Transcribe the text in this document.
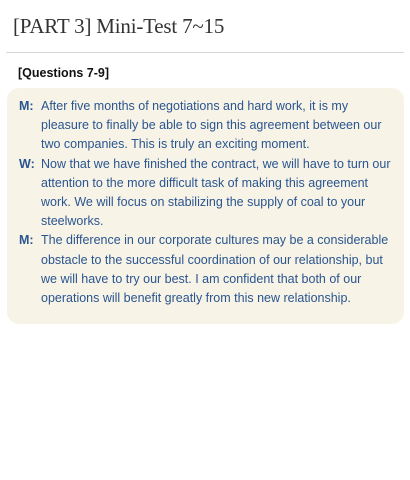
[PART 3] Mini-Test 7~15
[Questions 7-9]
M: After five months of negotiations and hard work, it is my pleasure to finally be able to sign this agreement between our two companies. This is truly an exciting moment.
W: Now that we have finished the contract, we will have to turn our attention to the more difficult task of making this agreement work. We will focus on stabilizing the supply of coal to your steelworks.
M: The difference in our corporate cultures may be a considerable obstacle to the successful coordination of our relationship, but we will have to try our best. I am confident that both of our operations will benefit greatly from this new relationship.
